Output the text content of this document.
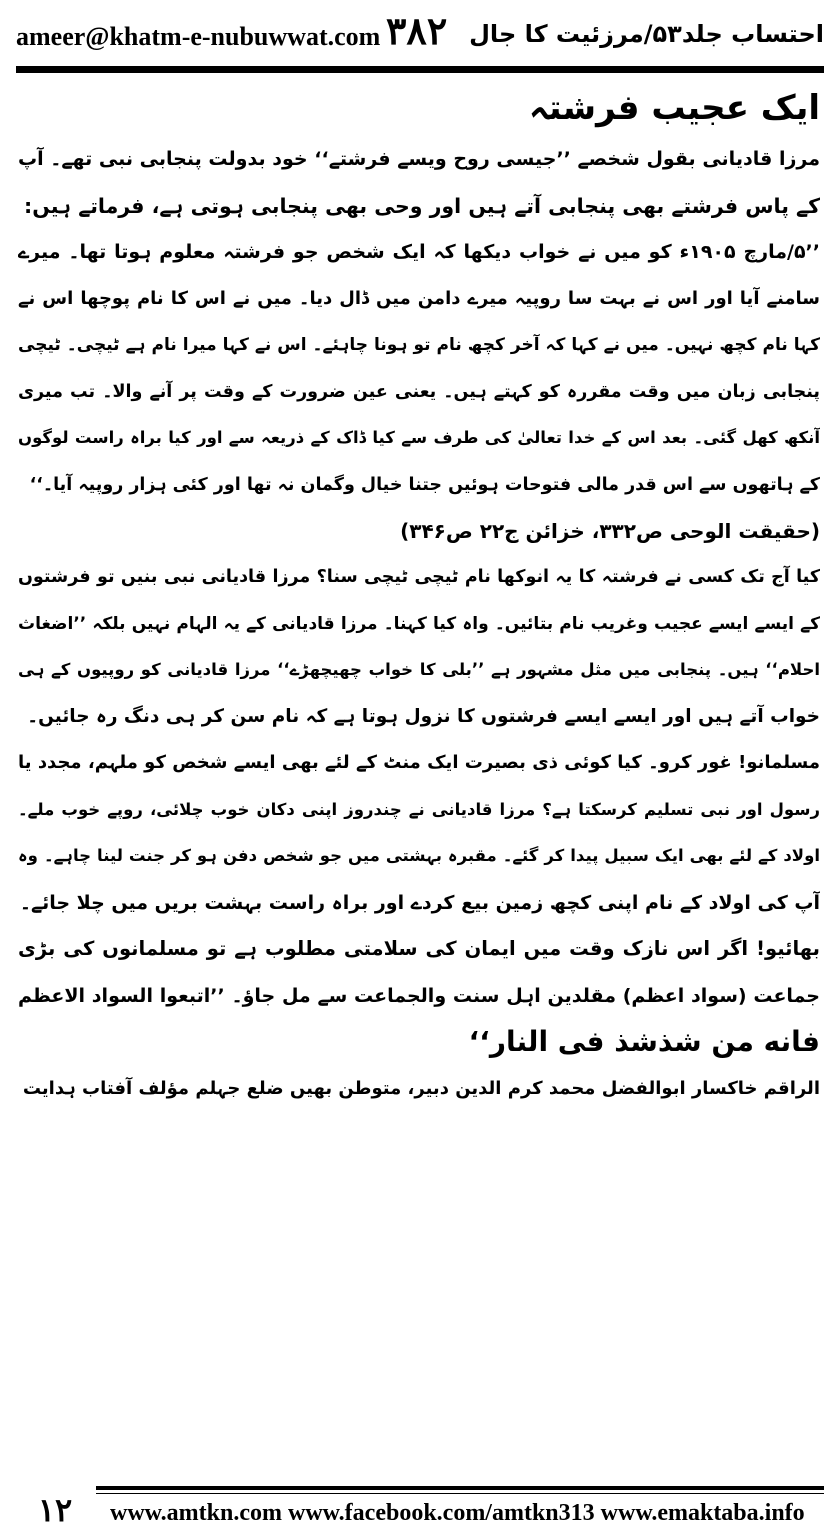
ameer@khatm-e-nubuwwat.com ۳۸۲ احتساب جلد۵۳/مرزئیت کا جال
ایک عجیب فرشتہ
مرزا قادیانی بقول شخصے ’’جیسی روح ویسے فرشتے‘‘ خود بدولت پنجابی نبی تھے۔ آپ
کے پاس فرشتے بھی پنجابی آتے ہیں اور وحی بھی پنجابی ہوتی ہے، فرماتے ہیں:
’’۵/مارچ ۱۹۰۵ء کو میں نے خواب دیکھا کہ ایک شخص جو فرشتہ معلوم ہوتا تھا۔ میرے
سامنے آیا اور اس نے بہت سا روپیہ میرے دامن میں ڈال دیا۔ میں نے اس کا نام پوچھا اس نے
کہا نام کچھ نہیں۔ میں نے کہا کہ آخر کچھ نام تو ہونا چاہئے۔ اس نے کہا میرا نام ہے ٹیچی۔ ٹیچی
پنجابی زبان میں وقت مقررہ کو کہتے ہیں۔ یعنی عین ضرورت کے وقت پر آنے والا۔ تب میری
آنکھ کھل گئی۔ بعد اس کے خدا تعالیٰ کی طرف سے کیا ڈاک کے ذریعہ سے اور کیا براہ راست لوگوں
کے ہاتھوں سے اس قدر مالی فتوحات ہوئیں جتنا خیال وگمان نہ تھا اور کئی ہزار روپیہ آیا۔‘‘
(حقیقت الوحی ص۳۳۲، خزائن ج۲۲ ص۳۴۶)
کیا آج تک کسی نے فرشتہ کا یہ انوکھا نام ٹیچی ٹیچی سنا؟ مرزا قادیانی نبی بنیں تو فرشتوں
کے ایسے ایسے عجیب وغریب نام بتائیں۔ واہ کیا کہنا۔ مرزا قادیانی کے یہ الہام نہیں بلکہ ’’اضغاث
احلام‘‘ ہیں۔ پنجابی میں مثل مشہور ہے ’’بلی کا خواب چھیچھڑے‘‘ مرزا قادیانی کو روپیوں کے ہی
خواب آتے ہیں اور ایسے ایسے فرشتوں کا نزول ہوتا ہے کہ نام سن کر ہی دنگ رہ جائیں۔
مسلمانو! غور کرو۔ کیا کوئی ذی بصیرت ایک منٹ کے لئے بھی ایسے شخص کو ملہم، مجدد یا
رسول اور نبی تسلیم کرسکتا ہے؟ مرزا قادیانی نے چندروز اپنی دکان خوب چلائی، روپے خوب ملے۔
اولاد کے لئے بھی ایک سبیل پیدا کر گئے۔ مقبرہ بہشتی میں جو شخص دفن ہو کر جنت لینا چاہے۔ وہ
آپ کی اولاد کے نام اپنی کچھ زمین بیع کردے اور براہ راست بہشت بریں میں چلا جائے۔
بھائیو! اگر اس نازک وقت میں ایمان کی سلامتی مطلوب ہے تو مسلمانوں کی بڑی
جماعت (سواد اعظم) مقلدین اہل سنت والجماعت سے مل جاؤ۔ ’’اتبعوا السواد الاعظم
فانه من شذشذ فی النار‘‘
الراقم خاکسار ابوالفضل محمد کرم الدین دبیر، متوطن بھیں ضلع جہلم مؤلف آفتاب ہدایت
۱۲	www.amtkn.com www.facebook.com/amtkn313 www.emaktaba.info
